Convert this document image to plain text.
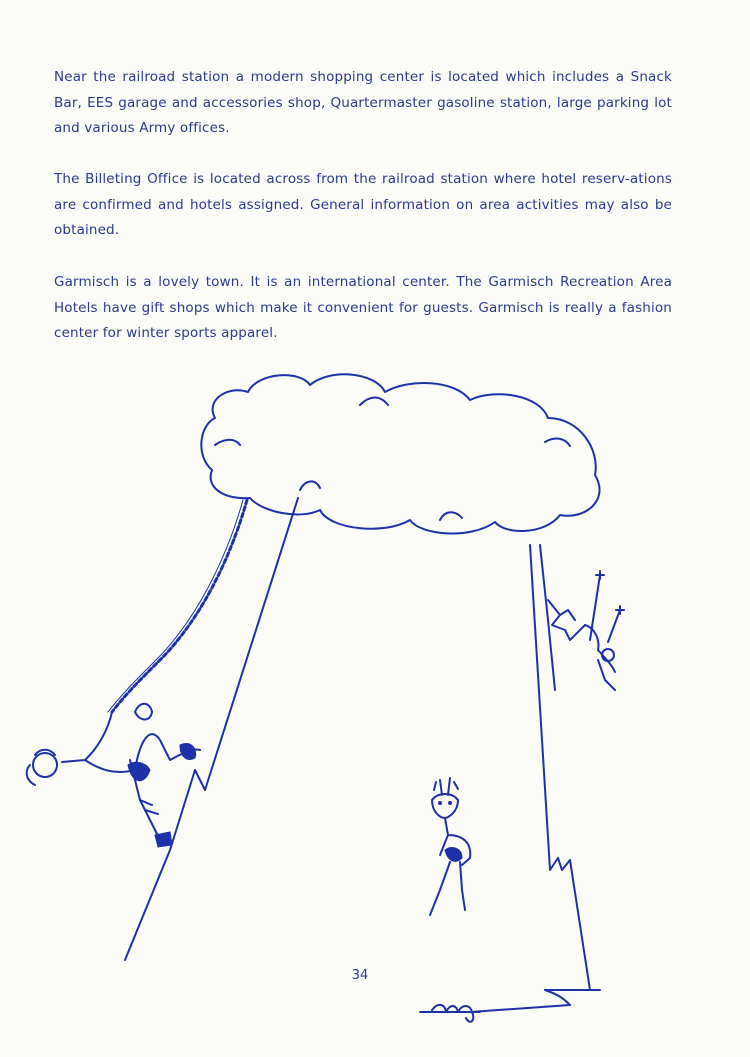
Near the railroad station a modern shopping center is located which includes a Snack Bar, EES garage and accessories shop, Quartermaster gasoline station, large parking lot and various Army offices.

The Billeting Office is located across from the railroad station where hotel reserv-ations are confirmed and hotels assigned. General information on area activities may also be obtained.

Garmisch is a lovely town. It is an international center. The Garmisch Recreation Area Hotels have gift shops which make it convenient for guests. Garmisch is really a fashion center for winter sports apparel.

34
